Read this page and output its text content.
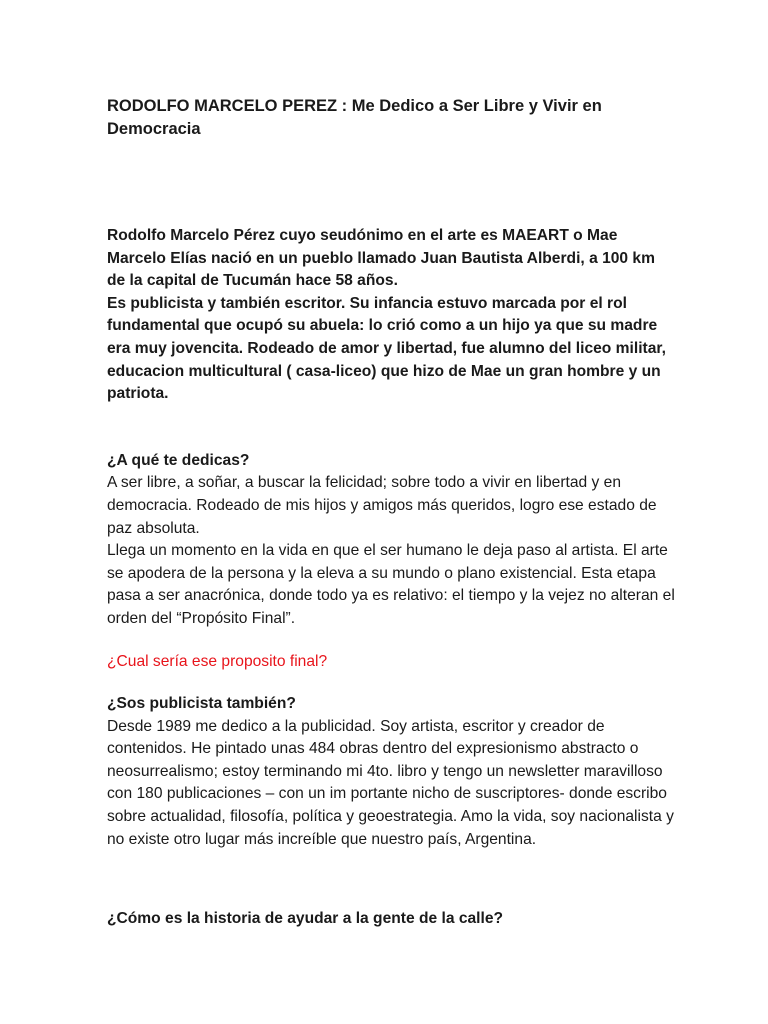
RODOLFO MARCELO PEREZ : Me Dedico a Ser Libre y Vivir en Democracia

Rodolfo Marcelo Pérez cuyo seudónimo en el arte es MAEART o Mae Marcelo Elías nació en un pueblo llamado Juan Bautista Alberdi, a 100 km de la capital de Tucumán hace 58 años.

Es publicista y también escritor. Su infancia estuvo marcada por el rol fundamental que ocupó su abuela: lo crió como a un hijo ya que su madre era muy jovencita. Rodeado de amor y libertad, fue alumno del liceo militar, educacion multicultural ( casa-liceo) que hizo de Mae un gran hombre y un patriota.

¿A qué te dedicas?

A ser libre, a soñar, a buscar la felicidad; sobre todo a vivir en libertad y en democracia. Rodeado de mis hijos y amigos más queridos, logro ese estado de paz absoluta.

Llega un momento en la vida en que el ser humano le deja paso al artista. El arte se apodera de la persona y la eleva a su mundo o plano existencial. Esta etapa pasa a ser anacrónica, donde todo ya es relativo: el tiempo y la vejez no alteran el orden del “Propósito Final”.

¿Cual sería ese proposito final?

¿Sos publicista también?

Desde 1989 me dedico a la publicidad. Soy artista, escritor y creador de contenidos. He pintado unas 484 obras dentro del expresionismo abstracto o neosurrealismo; estoy terminando mi 4to. libro y tengo un newsletter maravilloso con 180 publicaciones – con un im portante nicho de suscriptores- donde escribo sobre actualidad, filosofía, política y geoestrategia. Amo la vida, soy nacionalista y no existe otro lugar más increíble que nuestro país, Argentina.

¿Cómo es la historia de ayudar a la gente de la calle?
